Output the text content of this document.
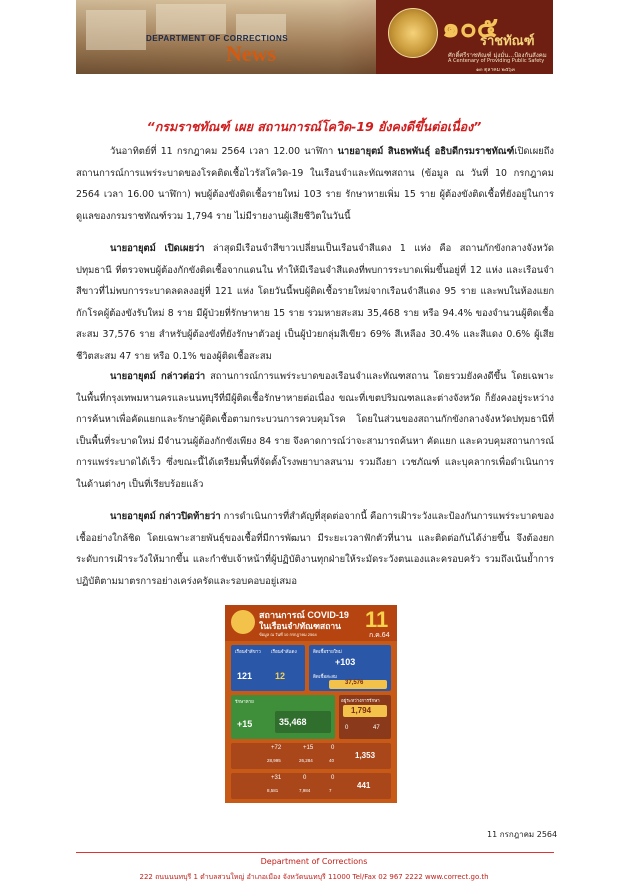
DEPARTMENT OF CORRECTIONS
News
๑๐๕
ราชทัณฑ์
ศักดิ์ศรีราชทัณฑ์ มุ่งมั่น...ป้องกันสังคม
A Centenary of Providing Public Safety
๑๓ ตุลาคม ๒๕๖๓
“กรมราชทัณฑ์ เผย สถานการณ์โควิด-19 ยังคงดีขึ้นต่อเนื่อง”
วันอาทิตย์ที่ 11 กรกฎาคม 2564 เวลา 12.00 นาฬิกา นายอายุตม์ สินธพพันธุ์ อธิบดีกรมราชทัณฑ์เปิดเผยถึงสถานการณ์การแพร่ระบาดของโรคติดเชื้อไวรัสโควิด-19 ในเรือนจำและทัณฑสถาน (ข้อมูล ณ วันที่ 10 กรกฎาคม 2564 เวลา 16.00 นาฬิกา) พบผู้ต้องขังติดเชื้อรายใหม่ 103 ราย รักษาหายเพิ่ม 15 ราย ผู้ต้องขังติดเชื้อที่ยังอยู่ในการดูแลของกรมราชทัณฑ์รวม 1,794 ราย ไม่มีรายงานผู้เสียชีวิตในวันนี้
นายอายุตม์ เปิดเผยว่า ล่าสุดมีเรือนจำสีขาวเปลี่ยนเป็นเรือนจำสีแดง 1 แห่ง คือ สถานกักขังกลางจังหวัดปทุมธานี ที่ตรวจพบผู้ต้องกักขังติดเชื้อจากแดนใน ทำให้มีเรือนจำสีแดงที่พบการระบาดเพิ่มขึ้นอยู่ที่ 12 แห่ง และเรือนจำสีขาวที่ไม่พบการระบาดลดลงอยู่ที่ 121 แห่ง โดยวันนี้พบผู้ติดเชื้อรายใหม่จากเรือนจำสีแดง 95 ราย และพบในห้องแยกกักโรคผู้ต้องขังรับใหม่ 8 ราย มีผู้ป่วยที่รักษาหาย 15 ราย รวมหายสะสม 35,468 ราย หรือ 94.4% ของจำนวนผู้ติดเชื้อสะสม 37,576 ราย สำหรับผู้ต้องขังที่ยังรักษาตัวอยู่ เป็นผู้ป่วยกลุ่มสีเขียว 69% สีเหลือง 30.4% และสีแดง 0.6% ผู้เสียชีวิตสะสม 47 ราย หรือ 0.1% ของผู้ติดเชื้อสะสม
นายอายุตม์ กล่าวต่อว่า สถานการณ์การแพร่ระบาดของเรือนจำและทัณฑสถาน โดยรวมยังคงดีขึ้น โดยเฉพาะในพื้นที่กรุงเทพมหานครและนนทบุรีที่มีผู้ติดเชื้อรักษาหายต่อเนื่อง ขณะที่เขตปริมณฑลและต่างจังหวัด ก็ยังคงอยู่ระหว่างการค้นหาเพื่อคัดแยกและรักษาผู้ติดเชื้อตามกระบวนการควบคุมโรค โดยในส่วนของสถานกักขังกลางจังหวัดปทุมธานีที่เป็นพื้นที่ระบาดใหม่ มีจำนวนผู้ต้องกักขังเพียง 84 ราย จึงคาดการณ์ว่าจะสามารถค้นหา คัดแยก และควบคุมสถานการณ์การแพร่ระบาดได้เร็ว ซึ่งขณะนี้ได้เตรียมพื้นที่จัดตั้งโรงพยาบาลสนาม รวมถึงยา เวชภัณฑ์ และบุคลากรเพื่อดำเนินการในด้านต่างๆ เป็นที่เรียบร้อยแล้ว
นายอายุตม์ กล่าวปิดท้ายว่า การดำเนินการที่สำคัญที่สุดต่อจากนี้ คือการเฝ้าระวังและป้องกันการแพร่ระบาดของเชื้ออย่างใกล้ชิด โดยเฉพาะสายพันธุ์ของเชื้อที่มีการพัฒนา มีระยะเวลาฟักตัวที่นาน และติดต่อกันได้ง่ายขึ้น จึงต้องยกระดับการเฝ้าระวังให้มากขึ้น และกำชับเจ้าหน้าที่ผู้ปฏิบัติงานทุกฝ่ายให้ระมัดระวังตนเองและครอบครัว รวมถึงเน้นย้ำการปฏิบัติตามมาตรการอย่างเคร่งครัดและรอบคอบอยู่เสมอ
สถานการณ์ COVID-19
ในเรือนจำ/ทัณฑสถาน
ข้อมูล ณ วันที่ 10 กรกฎาคม 2564
11
ก.ค.64
เรือนจำสีขาว เรือนจำสีแดง
121	12
ติดเชื้อรายใหม่
+103
ติดเชื้อสะสม
37,576
รักษาหาย
+15	35,468
อยู่ระหว่างการรักษา
1,794
0	47
+72	+15	0
1,353
28,995	26,284	40
+31	0	0
441
8,581	7,984	7
11 กรกฎาคม 2564
Department of Corrections
222 ถนนนนทบุรี 1 ตำบลสวนใหญ่ อำเภอเมือง จังหวัดนนทบุรี 11000 Tel/Fax 02 967 2222 www.correct.go.th
